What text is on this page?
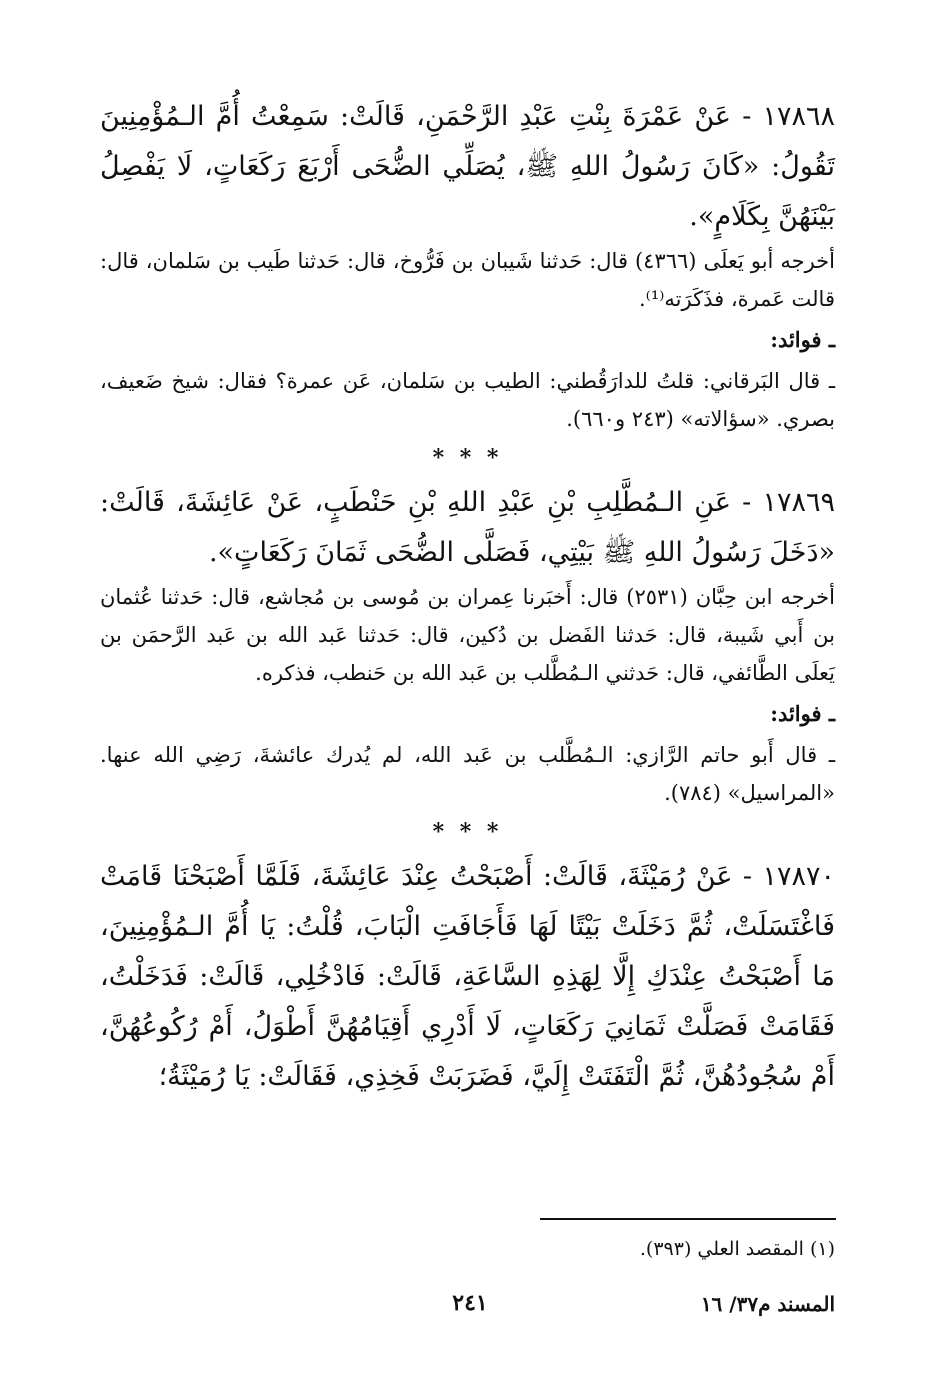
١٧٨٦٨ - عَنْ عَمْرَةَ بِنْتِ عَبْدِ الرَّحْمَنِ، قَالَتْ: سَمِعْتُ أُمَّ الـمُؤْمِنِينَ تَقُولُ: «كَانَ رَسُولُ اللهِ ﷺ، يُصَلِّي الضُّحَى أَرْبَعَ رَكَعَاتٍ، لَا يَفْصِلُ بَيْنَهُنَّ بِكَلَامٍ».

أخرجه أبو يَعلَى (٤٣٦٦) قال: حَدثنا شَيبان بن فَرُّوخ، قال: حَدثنا طَيب بن سَلمان، قال: قالت عَمرة، فذَكَرَته⁽¹⁾.

ـ فوائد:

ـ قال البَرقاني: قلتُ للدارَقُطني: الطيب بن سَلمان، عَن عمرة؟ فقال: شيخ ضَعيف، بصري. «سؤالاته» (٢٤٣ و٦٦٠).

* * *

١٧٨٦٩ - عَنِ الـمُطَّلِبِ بْنِ عَبْدِ اللهِ بْنِ حَنْطَبٍ، عَنْ عَائِشَةَ، قَالَتْ: «دَخَلَ رَسُولُ اللهِ ﷺ بَيْتِي، فَصَلَّى الضُّحَى ثَمَانَ رَكَعَاتٍ».

أخرجه ابن حِبَّان (٢٥٣١) قال: أَخبَرنا عِمران بن مُوسى بن مُجاشع، قال: حَدثنا عُثمان بن أَبي شَيبة، قال: حَدثنا الفَضل بن دُكين، قال: حَدثنا عَبد الله بن عَبد الرَّحمَن بن يَعلَى الطَّائفي، قال: حَدثني الـمُطَّلب بن عَبد الله بن حَنطب، فذكره.

ـ فوائد:

ـ قال أَبو حاتم الرَّازي: الـمُطَّلب بن عَبد الله، لم يُدرك عائشةَ، رَضِي الله عنها. «المراسيل» (٧٨٤).

* * *

١٧٨٧٠ - عَنْ رُمَيْثَةَ، قَالَتْ: أَصْبَحْتُ عِنْدَ عَائِشَةَ، فَلَمَّا أَصْبَحْنَا قَامَتْ فَاغْتَسَلَتْ، ثُمَّ دَخَلَتْ بَيْتًا لَهَا فَأَجَافَتِ الْبَابَ، قُلْتُ: يَا أُمَّ الـمُؤْمِنِينَ، مَا أَصْبَحْتُ عِنْدَكِ إِلَّا لِهَذِهِ السَّاعَةِ، قَالَتْ: فَادْخُلِي، قَالَتْ: فَدَخَلْتُ، فَقَامَتْ فَصَلَّتْ ثَمَانِيَ رَكَعَاتٍ، لَا أَدْرِي أَقِيَامُهُنَّ أَطْوَلُ، أَمْ رُكُوعُهُنَّ، أَمْ سُجُودُهُنَّ، ثُمَّ الْتَفَتَتْ إِلَيَّ، فَضَرَبَتْ فَخِذِي، فَقَالَتْ: يَا رُمَيْثَةُ؛

(١) المقصد العلي (٣٩٣).
٢٤١	المسند م٣٧/ ١٦
